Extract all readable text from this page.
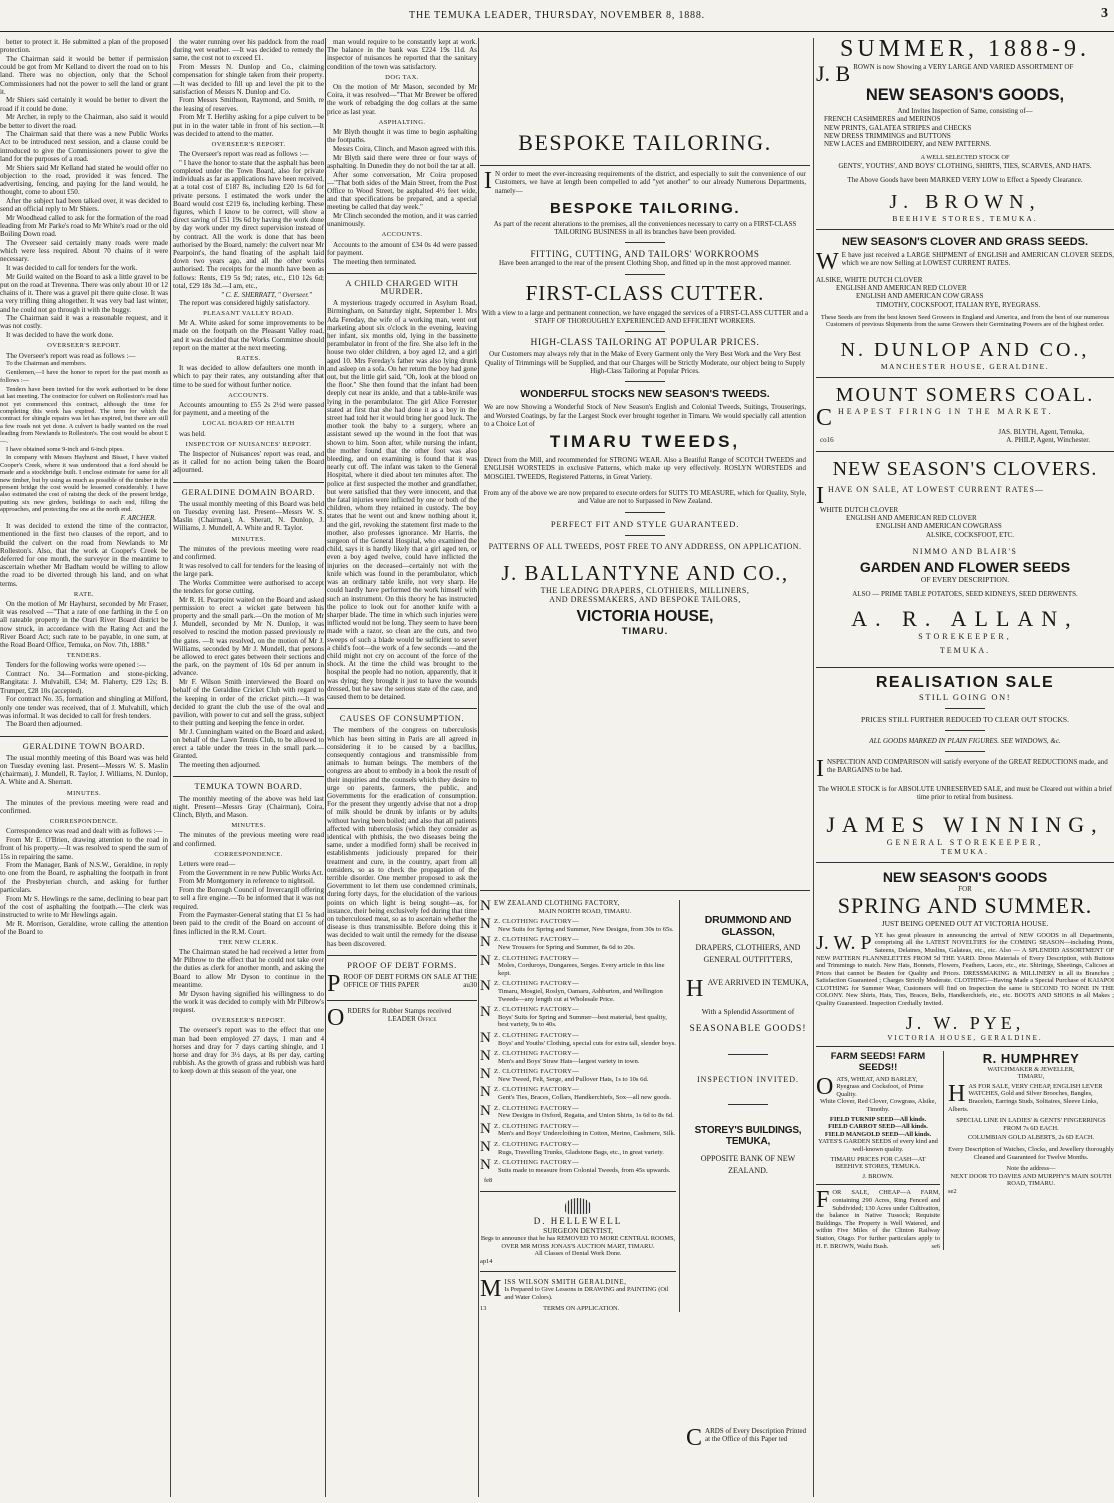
THE TEMUKA LEADER, THURSDAY, NOVEMBER 8, 1888.	3

better to protect it. He submitted a plan of the proposed protection.

The Chairman said it would be better if permission could be got from Mr Kelland to divert the road on to his land. There was no objection, only that the School Commissioners had not the power to sell the land or grant it.

Mr Shiers said certainly it would be better to divert the road if it could be done.

Mr Archer, in reply to the Chairman, also said it would be better to divert the road.

The Chairman said that there was a new Public Works Act to be introduced next session, and a clause could be introduced to give the Commissioners power to give the land for the purposes of a road.

Mr Shiers said Mr Kelland had stated he would offer no objection to the road, provided it was fenced. The advertising, fencing, and paying for the land would, he thought, come to about £50.

After the subject had been talked over, it was decided to send an official reply to Mr Shiers.

Mr Woodhead called to ask for the formation of the road leading from Mr Parke's road to Mr White's road or the old Boiling Down road.

The Overseer said certainly many roads were made which were less required. About 70 chains of it were necessary.

It was decided to call for tenders for the work.

Mr Guild waited on the Board to ask a little gravel to be put on the road at Trevenna. There was only about 10 or 12 chains of it. There was a gravel pit there quite close. It was a very trifling thing altogether. It was very bad last winter, and he could not go through it with the buggy.

The Chairman said it was a reasonable request, and it was not costly.

It was decided to have the work done.

OVERSEER'S REPORT.

The Overseer's report was read as follows :—

To the Chairman and members.

Gentlemen,—I have the honor to report for the past month as follows :—

Tenders have been invited for the work authorised to be done at last meeting. The contractor for culvert on Rolleston's road has not yet commenced this contract, although the time for completing this work has expired. The term for which the contract for shingle repairs was let has expired, but there are still a few roads not yet done. A culvert is badly wanted on the road leading from Newlands to Rolleston's. The cost would be about £—.

I have obtained some 9-inch and 6-inch pipes.

In company with Messrs Hayhurst and Bisset, I have visited Cooper's Creek, where it was understood that a ford should be made and a stockbridge built. I enclose estimate for same for all new timber, but by using as much as possible of the timber in the present bridge the cost would be lessened considerably. I have also estimated the cost of raising the deck of the present bridge, putting six new girders, buildings to each end, filling the approaches, and protecting the one at the north end.

F. ARCHER.

It was decided to extend the time of the contractor, mentioned in the first two clauses of the report, and to build the culvert on the road from Newlands to Mr Rolleston's. Also, that the work at Cooper's Creek be deferred for one month, the surveyor in the meantime to ascertain whether Mr Badham would be willing to allow the road to be diverted through his land, and on what terms.

RATE.

On the motion of Mr Hayhurst, seconded by Mr Fraser, it was resolved —"That a rate of one farthing in the £ on all rateable property in the Orari River Board district be now struck, in accordance with the Rating Act and the River Board Act; such rate to be payable, in one sum, at the Road Board Office, Temuka, on Nov. 7th, 1888."

TENDERS.

Tenders for the following works were opened :—

Contract No. 34—Formation and stone-picking, Rangitata: J. Mulvahill, £34; M. Flaherty, £29 12s; B. Trumper, £28 10s (accepted).

For contract No. 35, formation and shingling at Milford, only one tender was received, that of J. Mulvahill, which was informal. It was decided to call for fresh tenders.

The Board then adjourned.

GERALDINE TOWN BOARD.

The usual monthly meeting of this Board was was held on Tuesday evening last. Present—Messrs W. S. Maslin (chairman), J. Mundell, R. Taylor, J. Williams, N. Dunlop, A. White and A. Sherratt.

MINUTES.

The minutes of the previous meeting were read and confirmed.

CORRESPONDENCE.

Correspondence was read and dealt with as follows :—

From Mr E. O'Brien, drawing attention to the road in front of his property.—It was resolved to spend the sum of 15s in repairing the same.

From the Manager, Bank of N.S.W., Geraldine, in reply to one from the Board, re asphalting the footpath in front of the Presbyterian church, and asking for further particulars.

From Mr S. Hewlings re the same, declining to bear part of the cost of asphalting the footpath.—The clerk was instructed to write to Mr Hewlings again.

Mr R. Morrison, Geraldine, wrote calling the attention of the Board to

the water running over his paddock from the road during wet weather. —It was decided to remedy the same, the cost not to exceed £1.

From Messrs N. Dunlop and Co., claiming compensation for shingle taken from their property.—It was decided to fill up and level the pit to the satisfaction of Messrs N. Dunlop and Co.

From Messrs Smithson, Raymond, and Smith, re the leasing of reserves.

From Mr T. Herlihy asking for a pipe culvert to be put in in the water table in front of his section.—It was decided to attend to the matter.

OVERSEER'S REPORT.

The Overseer's report was read as follows :—

" I have the honor to state that the asphalt has been completed under the Town Board, also for private individuals as far as applications have been received, at a total cost of £187 8s, including £20 1s 6d for private persons. I estimated the work under the Board would cost £219 6s, including kerbing. These figures, which I know to be correct, will show a direct saving of £51 19s 6d by having the work done by day work under my direct supervision instead of by contract. All the work is done that has been authorised by the Board, namely: the culvert near Mr Pearpoint's, the hand floating of the asphalt laid down two years ago, and all the other works authorised. The receipts for the month have been as follows: Rents, £19 5s 9d; rates, etc., £10 12s 6d; total, £29 18s 3d.—I am, etc.,

" C. E. SHERRATT, " Overseer."

The report was considered highly satisfactory.

PLEASANT VALLEY ROAD.

Mr A. White asked for some improvements to be made on the footpath on the Pleasant Valley road, and it was decided that the Works Committee should report on the matter at the next meeting.

RATES.

It was decided to allow defaulters one month in which to pay their rates, any outstanding after that time to be sued for without further notice.

ACCOUNTS.

Accounts amounting to £55 2s 2½d were passed for payment, and a meeting of the

LOCAL BOARD OF HEALTH

was held.

INSPECTOR OF NUISANCES' REPORT.

The Inspector of Nuisances' report was read, and as it called for no action being taken the Board adjourned.

GERALDINE DOMAIN BOARD.

The usual monthly meeting of this Board was held on Tuesday evening last. Present—Messrs W. S. Maslin (Chairman), A. Sheratt, N. Dunlop, J. Williams, J. Mundell, A. White and R. Taylor.

MINUTES.

The minutes of the previous meeting were read and confirmed.

It was resolved to call for tenders for the leasing of the large park.

The Works Committee were authorised to accept the tenders for gorse cutting.

Mr R. H. Pearpoint waited on the Board and asked permission to erect a wicket gate between his property and the small park.—On the motion of Mr J. Mundell, seconded by Mr N. Dunlop, it was resolved to rescind the motion passed previously re the gates. —It was resolved, on the motion of Mr J. Williams, seconded by Mr J. Mundell, that persons be allowed to erect gates between their sections and the park, on the payment of 10s 6d per annum in advance.

Mr F. Wilson Smith interviewed the Board on behalf of the Geraldine Cricket Club with regard to the keeping in order of the cricket pitch.—It was decided to grant the club the use of the oval and pavilion, with power to cut and sell the grass, subject to their putting and keeping the fence in order.

Mr J. Cunningham waited on the Board and asked, on behalf of the Lawn Tennis Club, to be allowed to erect a table under the trees in the small park.—Granted.

The meeting then adjourned.

TEMUKA TOWN BOARD.

The monthly meeting of the above was held last night. Present—Messrs Gray (Chairman), Coira, Clinch, Blyth, and Mason.

MINUTES.

The minutes of the previous meeting were read and confirmed.

CORRESPONDENCE.

Letters were read—

From the Government in re new Public Works Act.

From Mr Montgomery in reference to nightsoil.

From the Borough Council of Invercargill offering to sell a fire engine.—To be informed that it was not required.

From the Paymaster-General stating that £1 5s had been paid to the credit of the Board on account of fines inflicted in the R.M. Court.

THE NEW CLERK.

The Chairman stated he had received a letter from Mr Pilbrow to the effect that he could not take over the duties as clerk for another month, and asking the Board to allow Mr Dyson to continue in the meantime.

Mr Dyson having signified his willingness to do the work it was decided to comply with Mr Pilbrow's request.

OVERSEER'S REPORT.

The overseer's report was to the effect that one man had been employed 27 days, 1 man and 4 horses and dray for 7 days carting shingle, and 1 horse and dray for 3½ days, at 8s per day, carting rubbish. As the growth of grass and rubbish was hard to keep down at this season of the year, one

man would require to be constantly kept at work. The balance in the bank was £224 19s 11d. As inspector of nuisances he reported that the sanitary condition of the town was satisfactory.

DOG TAX.

On the motion of Mr Mason, seconded by Mr Coira, it was resolved—"That Mr Brewer be offered the work of rebadging the dog collars at the same price as last year.

ASPHALTING.

Mr Blyth thought it was time to begin asphalting the footpaths.

Messrs Coira, Clinch, and Mason agreed with this.

Mr Blyth said there were three or four ways of asphalting. In Dunedin they do not boil the tar at all.

After some conversation, Mr Coira proposed—"That both sides of the Main Street, from the Post Office to Wood Street, be asphalted 4½ feet wide, and that specifications be prepared, and a special meeting be called that day week."

Mr Clinch seconded the motion, and it was carried unanimously.

ACCOUNTS.

Accounts to the amount of £34 0s 4d were passed for payment.

The meeting then terminated.

A CHILD CHARGED WITH MURDER.

A mysterious tragedy occurred in Asylum Road, Birmingham, on Saturday night, September 1. Mrs Ada Fereday, the wife of a working man, went out marketing about six o'clock in the evening, leaving her infant, six months old, lying in the bassinette perambulator in front of the fire. She also left in the house two older children, a boy aged 12, and a girl aged 10. Mrs Fereday's father was also lying drunk and asleep on a sofa. On her return the boy had gone out, but the little girl said, "Oh, look at the blood on the floor." She then found that the infant had been deeply cut near its ankle, and that a table-knife was lying in the perambulator. The girl Alice Forrester stated at first that she had done it as a boy in the street had told her it would bring her good luck. The mother took the baby to a surgery, where an assistant sewed up the wound in the foot that was shown to him. Soon after, while nursing the infant, the mother found that the other foot was also bleeding, and on examining is found that it was nearly cut off. The infant was taken to the General Hospital, where it died about ten minutes after. The police at first suspected the mother and grandfather, but were satisfied that they were innocent, and that the fatal injuries were inflicted by one or both of the children, whom they retained in custody. The boy states that he went out and knew nothing about it, and the girl, revoking the statement first made to the mother, also professes ignorance. Mr Harris, the surgeon of the General Hospital, who examined the child, says it is hardly likely that a girl aged ten, or even a boy aged twelve, could have inflicted the injuries on the deceased—certainly not with the knife which was found in the perambulator, which was an ordinary table knife, not very sharp. He could hardly have performed the work himself with such an instrument. On this theory he has instructed the police to look out for another knife with a sharper blade. The time in which such injuries were inflicted would not be long. They seem to have been made with a razor, so clean are the cuts, and two sweeps of such a blade would be sufficient to sever a child's foot—the work of a few seconds —and the child might not cry on account of the force of the shock. At the time the child was brought to the hospital the people had no notion, apparently, that it was dying; they brought it just to have the wounds dressed, but he saw the serious state of the case, and caused them to be detained.

CAUSES OF CONSUMPTION.

The members of the congress on tuberculosis which has been sitting in Paris are all agreed in considering it to be caused by a bacillus, consequently contagious and transmissible from animals to human beings. The members of the congress are about to embody in a book the result of their inquiries and the counsels which they desire to urge on parents, farmers, the public, and Governments for the eradication of consumption. For the present they urgently advise that not a drop of milk should be drunk by infants or by adults without having been boiled; and also that all patients affected with tuberculosis (which they consider as identical with phthisis, the two diseases being the same, under a modified form) shall be received in establishments judiciously prepared for their treatment and cure, in the country, apart from all outsiders, so as to check the propagation of the terrible disorder. One member proposed to ask the Government to let them use condemned criminals, during forty days, for the elucidation of the various points on which light is being sought—as, for instance, their being exclusively fed during that time on tuberculosed meat, so as to ascertain whether the disease is thus transmissible. Before doing this it was decided to wait until the remedy for the disease has been discovered.

PROOF OF DEBT FORMS.
P ROOF OF DEBT FORMS ON SALE AT THE OFFICE OF THIS PAPER	au30
O RDERS for Rubber Stamps received
LEADER Office
BESPOKE TAILORING.
I N order to meet the ever-increasing requirements of the district, and especially to suit the convenience of our Customers, we have at length been compelled to add "yet another" to our already Numerous Departments, namely—
BESPOKE TAILORING.
As part of the recent alterations to the premises, all the conveniences necessary to carry on a FIRST-CLASS TAILORING BUSINESS in all its branches have been provided.
FITTING, CUTTING, AND TAILORS' WORKROOMS
Have been arranged to the rear of the present Clothing Shop, and fitted up in the most approved manner.
FIRST-CLASS CUTTER.
With a view to a large and permanent connection, we have engaged the services of a FIRST-CLASS CUTTER and a STAFF OF THOROUGHLY EXPERIENCED AND EFFICIENT WORKERS.
HIGH-CLASS TAILORING AT POPULAR PRICES.
Our Customers may always rely that in the Make of Every Garment only the Very Best Work and the Very Best Quality of Trimmings will be Supplied, and that our Charges will be Strictly Moderate, our object being to Supply High-Class Tailoring at Popular Prices.
WONDERFUL STOCKS NEW SEASON'S TWEEDS.
We are now Showing a Wonderful Stock of New Season's English and Colonial Tweeds, Suitings, Trouserings, and Worsted Coatings, by far the Largest Stock ever brought together in Timaru. We would specially call attention to a Choice Lot of
TIMARU TWEEDS,
Direct from the Mill, and recommended for STRONG WEAR. Also a Beatiful Range of SCOTCH TWEEDS and ENGLISH WORSTEDS in exclusive Patterns, which make up very effectively. ROSLYN WORSTEDS and MOSGIEL TWEEDS, Registered Patterns, in Great Variety.
From any of the above we are now prepared to execute orders for SUITS TO MEASURE, which for Quality, Style, and Value are not to Surpassed in New Zealand.
PERFECT FIT AND STYLE GUARANTEED.
PATTERNS OF ALL TWEEDS, POST FREE TO ANY ADDRESS, ON APPLICATION.
J. BALLANTYNE AND CO.,
THE LEADING DRAPERS, CLOTHIERS, MILLINERS,
AND DRESSMAKERS, AND BESPOKE TAILORS,
VICTORIA HOUSE,
TIMARU.
N EW ZEALAND CLOTHING FACTORY,
MAIN NORTH ROAD, TIMARU.
N Z. CLOTHING FACTORY—
New Suits for Spring and Summer, New Designs, from 30s to 65s.
N Z. CLOTHING FACTORY—
New Trousers for Spring and Summer, 8s 6d to 20s.
N Z. CLOTHING FACTORY—
Moles, Corduroys, Dungarees, Serges. Every article in this line kept.
N Z. CLOTHING FACTORY—
Timaru, Mosgiel, Roslyn, Oamaru, Ashburton, and Wellington Tweeds—any length cut at Wholesale Price.
N Z. CLOTHING FACTORY—
Boys' Suits for Spring and Summer—best material, best quality, best variety, 9s to 40s.
N Z. CLOTHING FACTORY—
Boys' and Youths' Clothing, special cuts for extra tall, slender boys.
N Z. CLOTHING FACTORY—
Men's and Boys' Straw Hats—largest variety in town.
N Z. CLOTHING FACTORY—
New Tweed, Felt, Serge, and Pullover Hats, 1s to 10s 6d.
N Z. CLOTHING FACTORY—
Gent's Ties, Braces, Collars, Handkerchiefs, Sox—all new goods.
N Z. CLOTHING FACTORY—
New Designs in Oxford, Regatta, and Union Shirts, 1s 6d to 8s 6d.
N Z. CLOTHING FACTORY—
Men's and Boys' Underclothing in Cotton, Merino, Cashmere, Silk.
N Z. CLOTHING FACTORY—
Rugs, Travelling Trunks, Gladstone Bags, etc., in great variety.
N Z. CLOTHING FACTORY—
Suits made to measure from Colonial Tweeds, from 45s upwards.
fe8
D. HELLEWELL
SURGEON DENTIST,
Begs to announce that he has REMOVED TO MORE CENTRAL ROOMS, OVER MR MOSS JONAS'S AUCTION MART, TIMARU.
All Classes of Dental Work Done.
ap14
M ISS WILSON SMITH GERALDINE,
Is Prepared to Give Lessons in DRAWING and PAINTING (Oil and Water Colors).
13	TERMS ON APPLICATION.
DRUMMOND AND GLASSON,
DRAPERS, CLOTHIERS, AND GENERAL OUTFITTERS,
HAVE ARRIVED IN TEMUKA,
With a Splendid Assortment of
SEASONABLE GOODS!
INSPECTION INVITED.
STOREY'S BUILDINGS, TEMUKA,
OPPOSITE BANK OF NEW ZEALAND.
CARDS of Every Description Printed at the Office of this Paper ted
SUMMER, 1888-9.
J. B ROWN is now Showing a VERY LARGE AND VARIED ASSORTMENT OF
NEW SEASON'S GOODS,
And Invites Inspection of Same, consisting of—
FRENCH CASHMERES and MERINOS
NEW PRINTS, GALATEA STRIPES and CHECKS
NEW DRESS TRIMMINGS and BUTTONS
NEW LACES and EMBROIDERY, and NEW PATTERNS.
A WELL SELECTED STOCK OF
GENTS', YOUTHS', AND BOYS' CLOTHING, SHIRTS, TIES, SCARVES, AND HATS.
The Above Goods have been MARKED VERY LOW to Effect a Speedy Clearance.
J. BROWN,
BEEHIVE STORES, TEMUKA.
NEW SEASON'S CLOVER AND GRASS SEEDS.
W E have just received a LARGE SHIPMENT of ENGLISH and AMERICAN CLOVER SEEDS, which we are now Selling at LOWEST CURRENT RATES.
ALSIKE, WHITE DUTCH CLOVER
ENGLISH AND AMERICAN RED CLOVER
ENGLISH AND AMERICAN COW GRASS
TIMOTHY, COCKSFOOT, ITALIAN RYE, RYEGRASS.
These Seeds are from the best known Seed Growers in England and America, and from the best of our numerous Customers of previous Shipments from the same Growers their Germinating Powers are of the highest order.
N. DUNLOP AND CO.,
MANCHESTER HOUSE, GERALDINE.
MOUNT SOMERS COAL.
CHEAPEST FIRING IN THE MARKET.
JAS. BLYTH, Agent, Temuka,
co16	A. PHILP, Agent, Winchester.
NEW SEASON'S CLOVERS.
IHAVE ON SALE, AT LOWEST CURRENT RATES—
WHITE DUTCH CLOVER
ENGLISH AND AMERICAN RED CLOVER
ENGLISH AND AMERICAN COWGRASS
ALSIKE, COCKSFOOT, ETC.
NIMMO AND BLAIR'S
GARDEN AND FLOWER SEEDS
OF EVERY DESCRIPTION.
ALSO — PRIME TABLE POTATOES, SEED KIDNEYS, SEED DERWENTS.
A. R. ALLAN,
STOREKEEPER,
TEMUKA.
REALISATION SALE
STILL GOING ON!
PRICES STILL FURTHER REDUCED TO CLEAR OUT STOCKS.
ALL GOODS MARKED IN PLAIN FIGURES. SEE WINDOWS, &c.
INSPECTION AND COMPARISON will satisfy everyone of the GREAT REDUCTIONS made, and the BARGAINS to be had.
The WHOLE STOCK is for ABSOLUTE UNRESERVED SALE, and must be Cleared out within a brief time prior to retiral from business.
JAMES WINNING,
GENERAL STOREKEEPER,
TEMUKA.
NEW SEASON'S GOODS
FOR
SPRING AND SUMMER.
JUST BEING OPENED OUT AT VICTORIA HOUSE.
J. W. P YE has great pleasure in announcing the arrival of NEW GOODS in all Departments, comprising all the LATEST NOVELTIES for the COMING SEASON—including Prints, Sateens, Delaines, Muslins, Galateas, etc., etc. Also — A SPLENDID ASSORTMENT OF NEW PATTERN FLANNELETTES FROM 5d THE YARD. Dress Materials of Every Description, with Buttons and Trimmings to match. New Hats, Bonnets, Flowers, Feathers, Laces, etc., etc. Shirtings, Sheetings, Calicoes at Prices that cannot be Beaten for Quality and Prices. DRESSMAKING & MILLINERY in all its Branches ; Satisfaction Guaranteed ; Charges Strictly Moderate. CLOTHING—Having Made a Special Purchase of KAIAPOI CLOTHING for Summer Wear, Customers will find on Inspection the same is SECOND TO NONE IN THE COLONY. New Shirts, Hats, Ties, Braces, Belts, Handkerchiefs, etc., etc. BOOTS AND SHOES in all Makes ; Quality Guaranteed. Inspection Cordially Invited.
J. W. PYE,
VICTORIA HOUSE, GERALDINE.
FARM SEEDS! FARM SEEDS!!
OATS, WHEAT, AND BARLEY, Ryegrass and Cocksfoot, of Prime Quality.
White Clover, Red Clover, Cowgrass, Alsike, Timothy.
FIELD TURNIP SEED—All kinds.
FIELD CARROT SEED—All kinds.
FIELD MANGOLD SEED—All kinds.
YATES'S GARDEN SEEDS of every kind and well-known quality.
TIMARU PRICES FOR CASH—AT BEEHIVE STORES, TEMUKA.
J. BROWN.
FOR SALE, CHEAP—A FARM, containing 290 Acres, Ring Fenced and Subdivided; 130 Acres under Cultivation, the balance in Native Tussock; Requisite Buildings. The Property is Well Watered, and within Five Miles of the Clinton Railway Station, Otago. For further particulars apply to H. F. BROWN, Waihi Bush.	se6
R. HUMPHREY
WATCHMAKER & JEWELLER,
TIMARU,
HAS FOR SALE, VERY CHEAP, ENGLISH LEVER WATCHES, Gold and Silver Brooches, Bangles, Bracelets, Earrings Studs, Solitaires, Sleeve Links, Alberts.
SPECIAL LINE IN LADIES' & GENTS' FINGERRINGS FROM 7s 6D EACH.
COLUMBIAN GOLD ALBERTS, 2s 6D EACH.
Every Description of Watches, Clocks, and Jewellery thoroughly Cleaned and Guaranteed for Twelve Months.
Note the address—
NEXT DOOR TO DAVIES AND MURPHY'S MAIN SOUTH ROAD, TIMARU.
se2
